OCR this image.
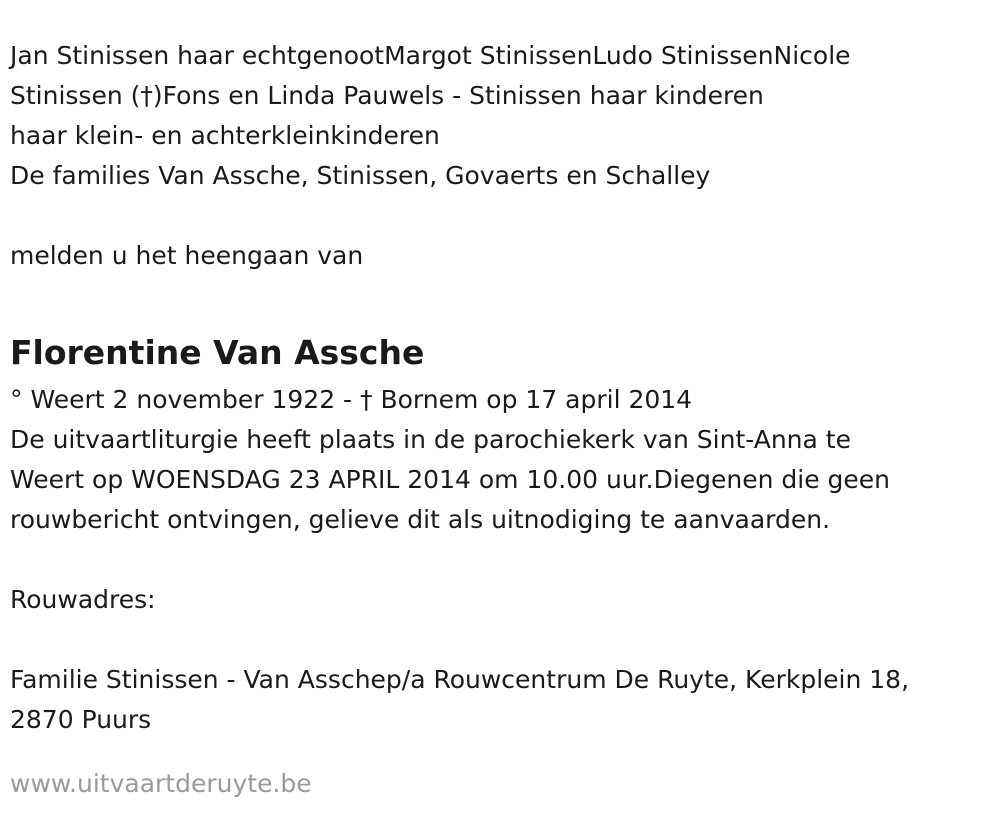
Jan Stinissen haar echtgenootMargot StinissenLudo StinissenNicole
Stinissen (†)Fons en Linda Pauwels - Stinissen haar kinderen
haar klein- en achterkleinkinderen
De families Van Assche, Stinissen, Govaerts en Schalley
melden u het heengaan van
Florentine Van Assche
° Weert 2 november 1922 - † Bornem op 17 april 2014
De uitvaartliturgie heeft plaats in de parochiekerk van Sint-Anna te
Weert op WOENSDAG 23 APRIL 2014 om 10.00 uur.Diegenen die geen
rouwbericht ontvingen, gelieve dit als uitnodiging te aanvaarden.
Rouwadres:
Familie Stinissen - Van Asschep/a Rouwcentrum De Ruyte, Kerkplein 18,
2870 Puurs
www.uitvaartderuyte.be
